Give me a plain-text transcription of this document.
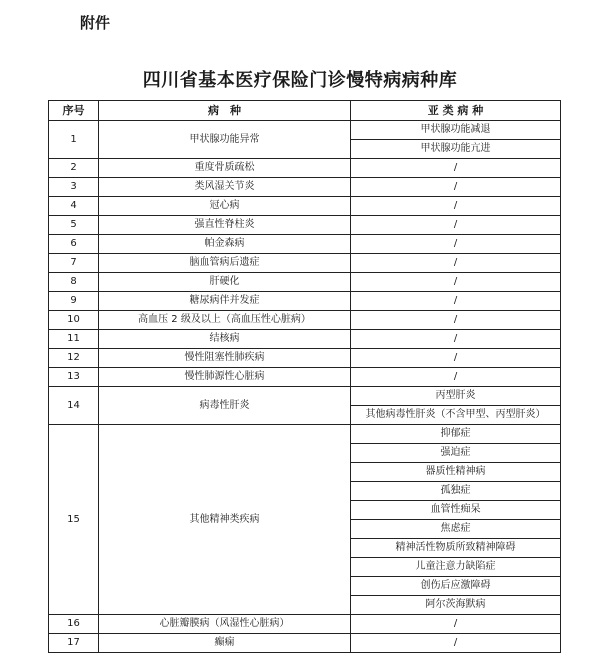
附件
四川省基本医疗保险门诊慢特病病种库
序号	病　种	亚 类 病 种
1	甲状腺功能异常	甲状腺功能减退
		甲状腺功能亢进
2	重度骨质疏松	/
3	类风湿关节炎	/
4	冠心病	/
5	强直性脊柱炎	/
6	帕金森病	/
7	脑血管病后遗症	/
8	肝硬化	/
9	糖尿病伴并发症	/
10	高血压 2 级及以上（高血压性心脏病）	/
11	结核病	/
12	慢性阻塞性肺疾病	/
13	慢性肺源性心脏病	/
14	病毒性肝炎	丙型肝炎
		其他病毒性肝炎（不含甲型、丙型肝炎）
15	其他精神类疾病	抑郁症
		强迫症
		器质性精神病
		孤独症
		血管性痴呆
		焦虑症
		精神活性物质所致精神障碍
		儿童注意力缺陷症
		创伤后应激障碍
		阿尔茨海默病
16	心脏瓣膜病（风湿性心脏病）	/
17	癫痫	/
